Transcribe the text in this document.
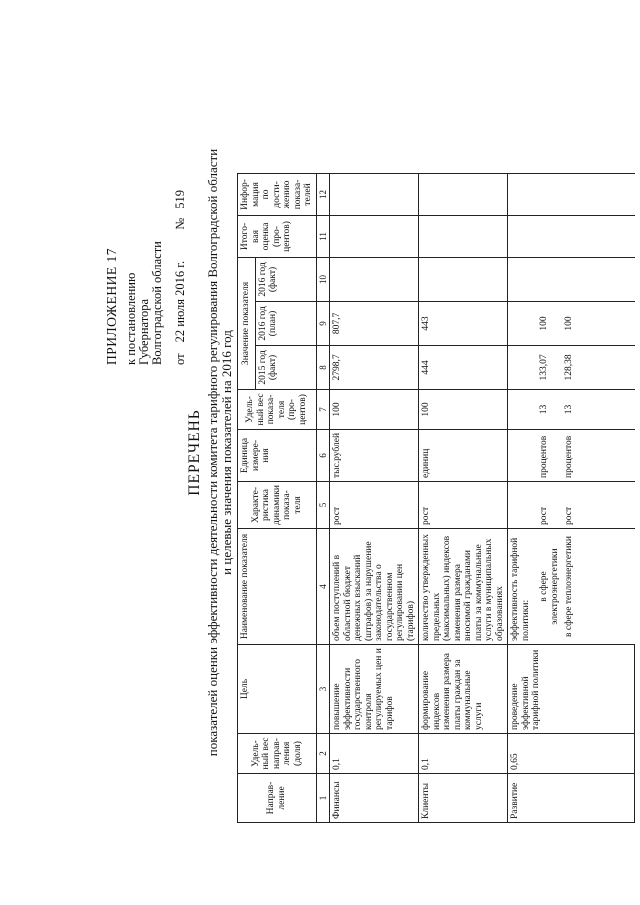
ПРИЛОЖЕНИЕ 17 к постановлению Губернатора Волгоградской области от 22 июля 2016 г. № 519
ПЕРЕЧЕНЬ показателей оценки эффективности деятельности комитета тарифного регулирования Волгоградской области и целевые значения показателей на 2016 год
Направ-ление	Удель-ный вес направ-ления (доля)	Цель	Наименование показателя	Характе-ристика динамики показа-теля	Единица измере-ния	Удель-ный вес показа-теля (про-центов)	Значение показателя			Итого-вая оценка (про-центов)	Инфор-мация по дости-жению показа-телей
							2015 год (факт)	2016 год (план)	2016 год (факт)		
1	2	3	4	5	6	7	8	9	10	11	12
Финансы	0,1	повышение эффективности государственного контроля регулируемых цен и тарифов	объем поступлений в областной бюджет денежных взысканий (штрафов) за нарушение законодательства о государственном регулировании цен (тарифов)	рост	тыс.рублей	100	2798,7	807,7			
Клиенты	0,1	формирование индексов изменения размера платы граждан за коммунальные услуги	количество утвержденных предельных (максимальных) индексов изменения размера вносимой гражданами платы за коммунальные услуги в муниципальных образованиях	рост	единиц	100	444	443			
Развитие	0,65	проведение эффективной тарифной политики	эффективность тарифной политики:								
			в сфере электроэнергетики	рост	процентов	13	133,07	100			
			в сфере теплоэнергетики	рост	процентов	13	128,38	100			
